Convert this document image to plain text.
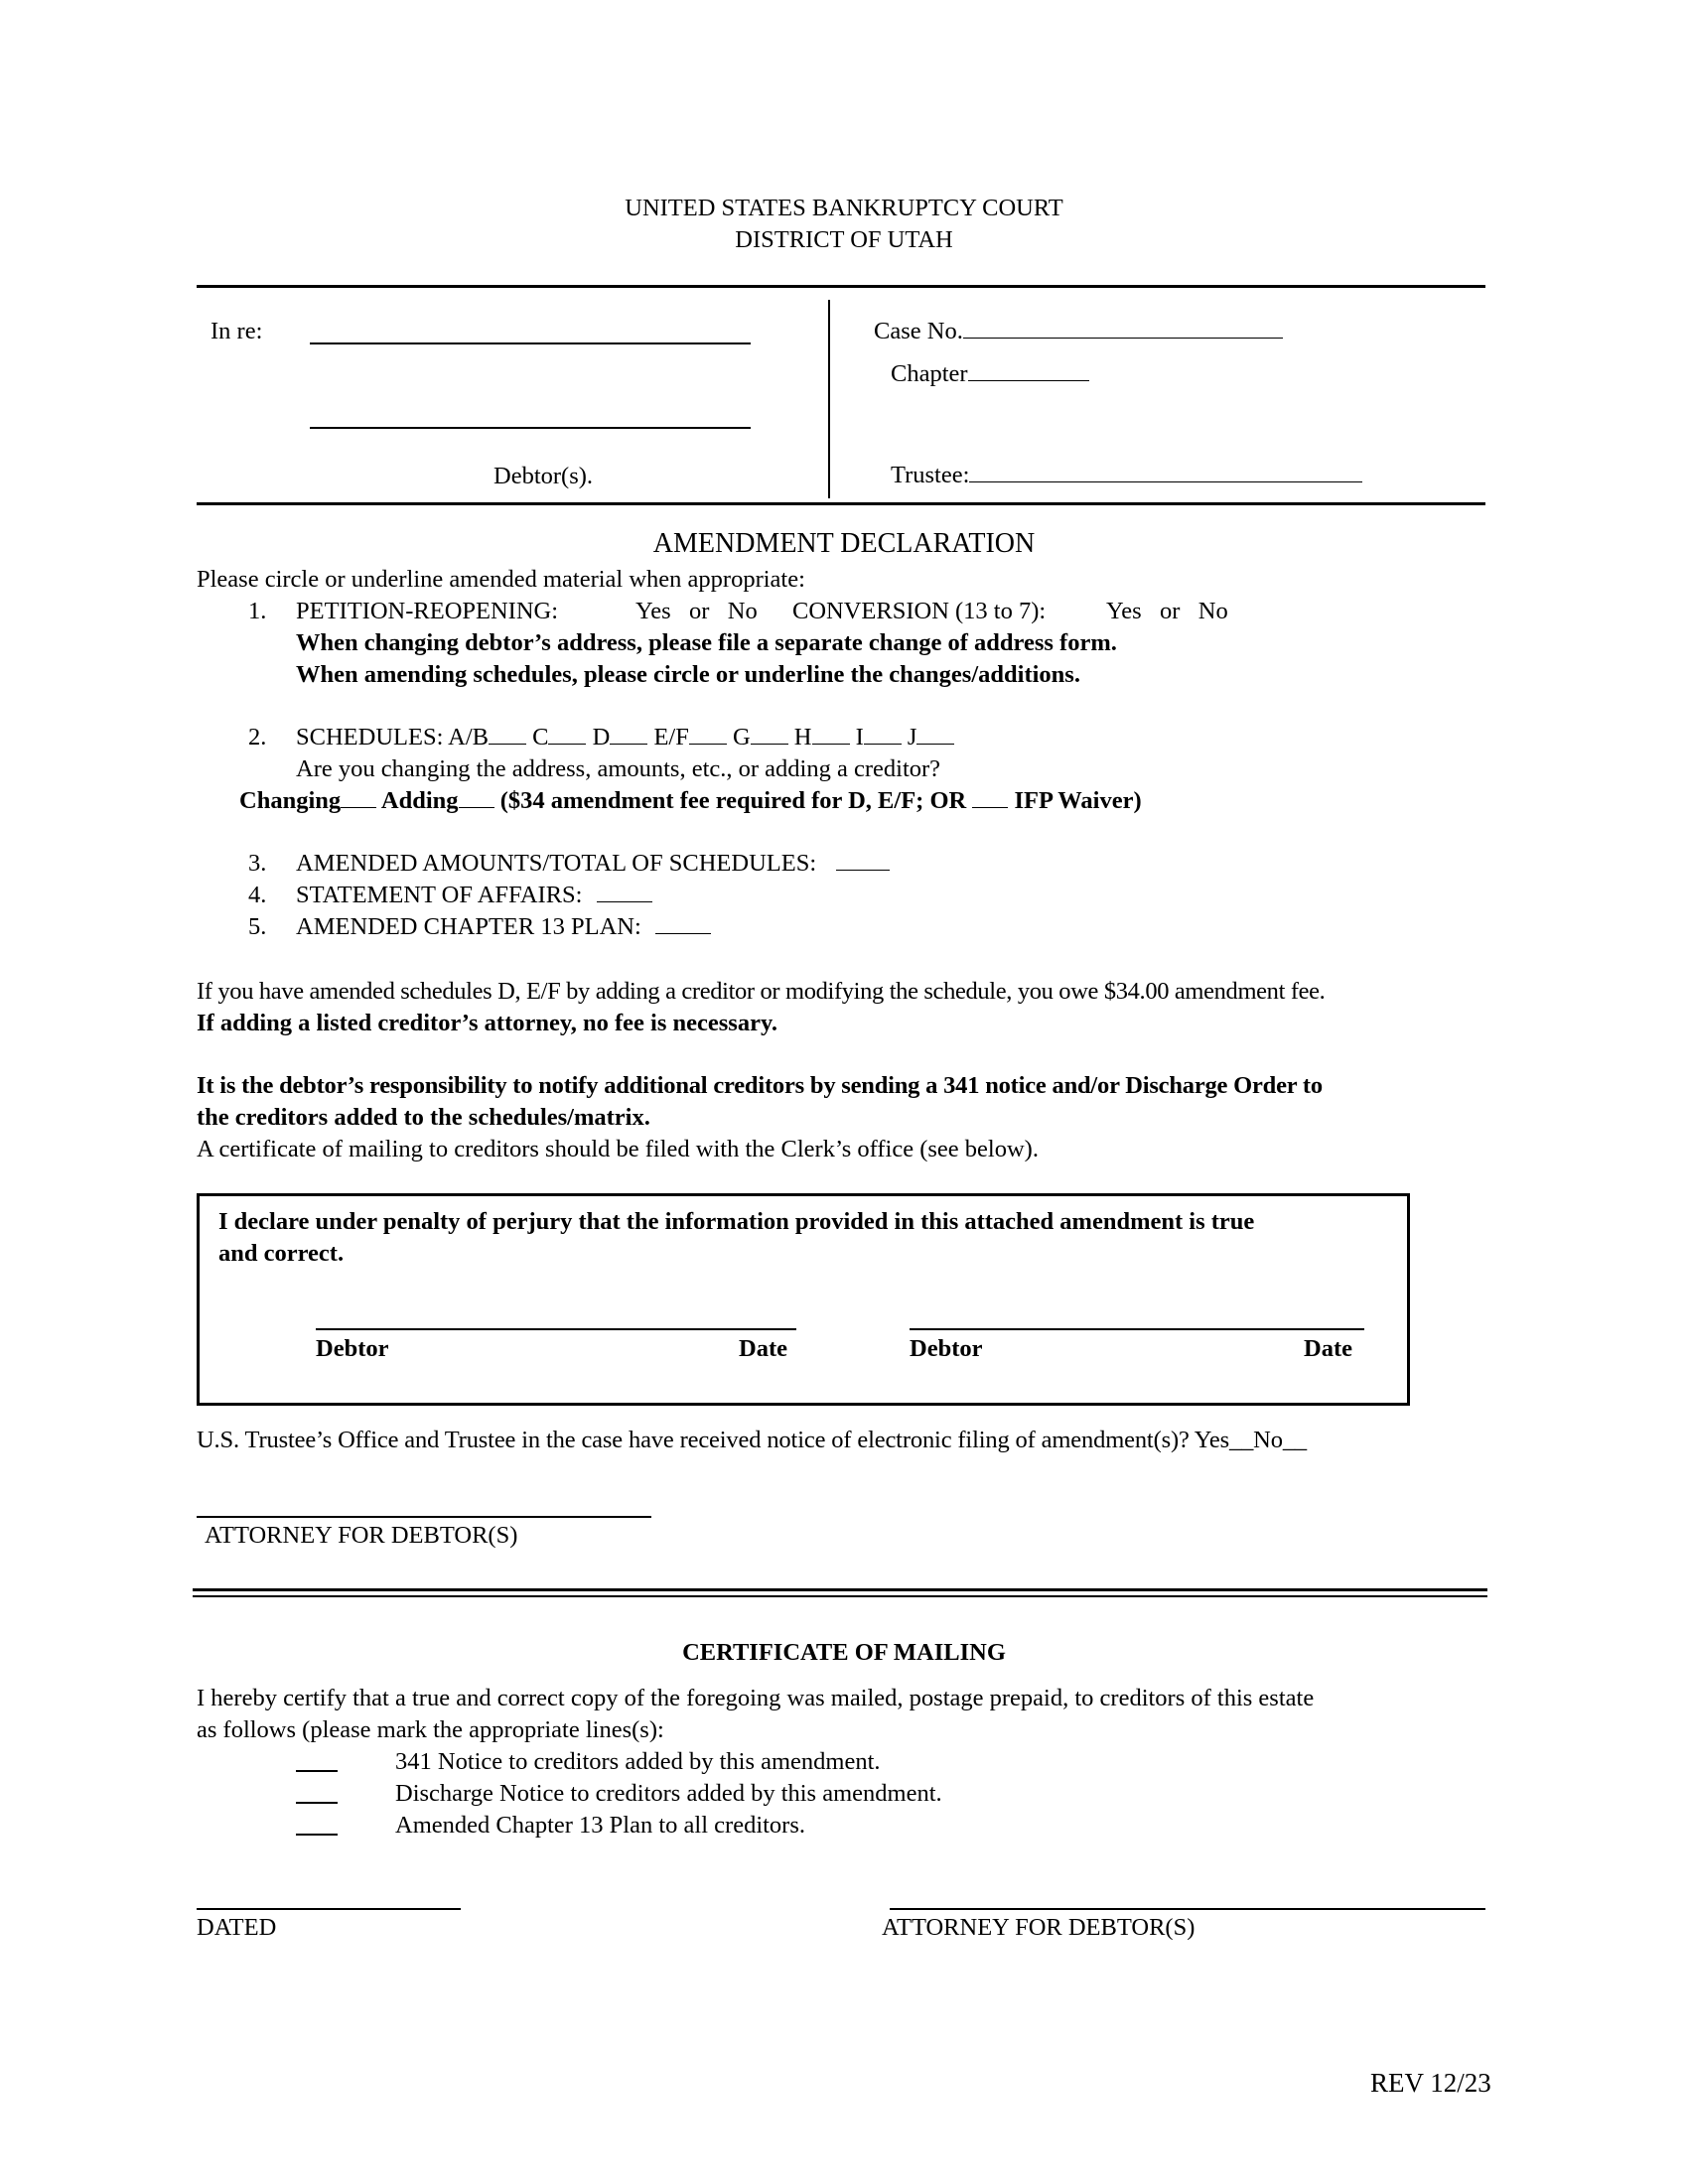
UNITED STATES BANKRUPTCY COURT
DISTRICT OF UTAH
In re:
Debtor(s).
Case No.
Chapter
Trustee:
AMENDMENT DECLARATION
Please circle or underline amended material when appropriate:
1. PETITION-REOPENING:	Yes   or   No CONVERSION (13 to 7): Yes   or   No
When changing debtor’s address, please file a separate change of address form.
When amending schedules, please circle or underline the changes/additions.
2. SCHEDULES: A/B C D E/F G H I J
Are you changing the address, amounts, etc., or adding a creditor?
Changing Adding ($34 amendment fee required for D, E/F; OR IFP Waiver)
3. AMENDED AMOUNTS/TOTAL OF SCHEDULES:
4. STATEMENT OF AFFAIRS:
5. AMENDED CHAPTER 13 PLAN:
If you have amended schedules D, E/F by adding a creditor or modifying the schedule, you owe $34.00 amendment fee.
If adding a listed creditor’s attorney, no fee is necessary.
It is the debtor’s responsibility to notify additional creditors by sending a 341 notice and/or Discharge Order to
the creditors added to the schedules/matrix.
A certificate of mailing to creditors should be filed with the Clerk’s office (see below).
I declare under penalty of perjury that the information provided in this attached amendment is true
and correct.
Debtor	Date	Debtor	Date
U.S. Trustee’s Office and Trustee in the case have received notice of electronic filing of amendment(s)? Yes__No__
ATTORNEY FOR DEBTOR(S)
CERTIFICATE OF MAILING
I hereby certify that a true and correct copy of the foregoing was mailed, postage prepaid, to creditors of this estate
as follows (please mark the appropriate lines(s):
341 Notice to creditors added by this amendment.
Discharge Notice to creditors added by this amendment.
Amended Chapter 13 Plan to all creditors.
DATED	ATTORNEY FOR DEBTOR(S)
REV 12/23
